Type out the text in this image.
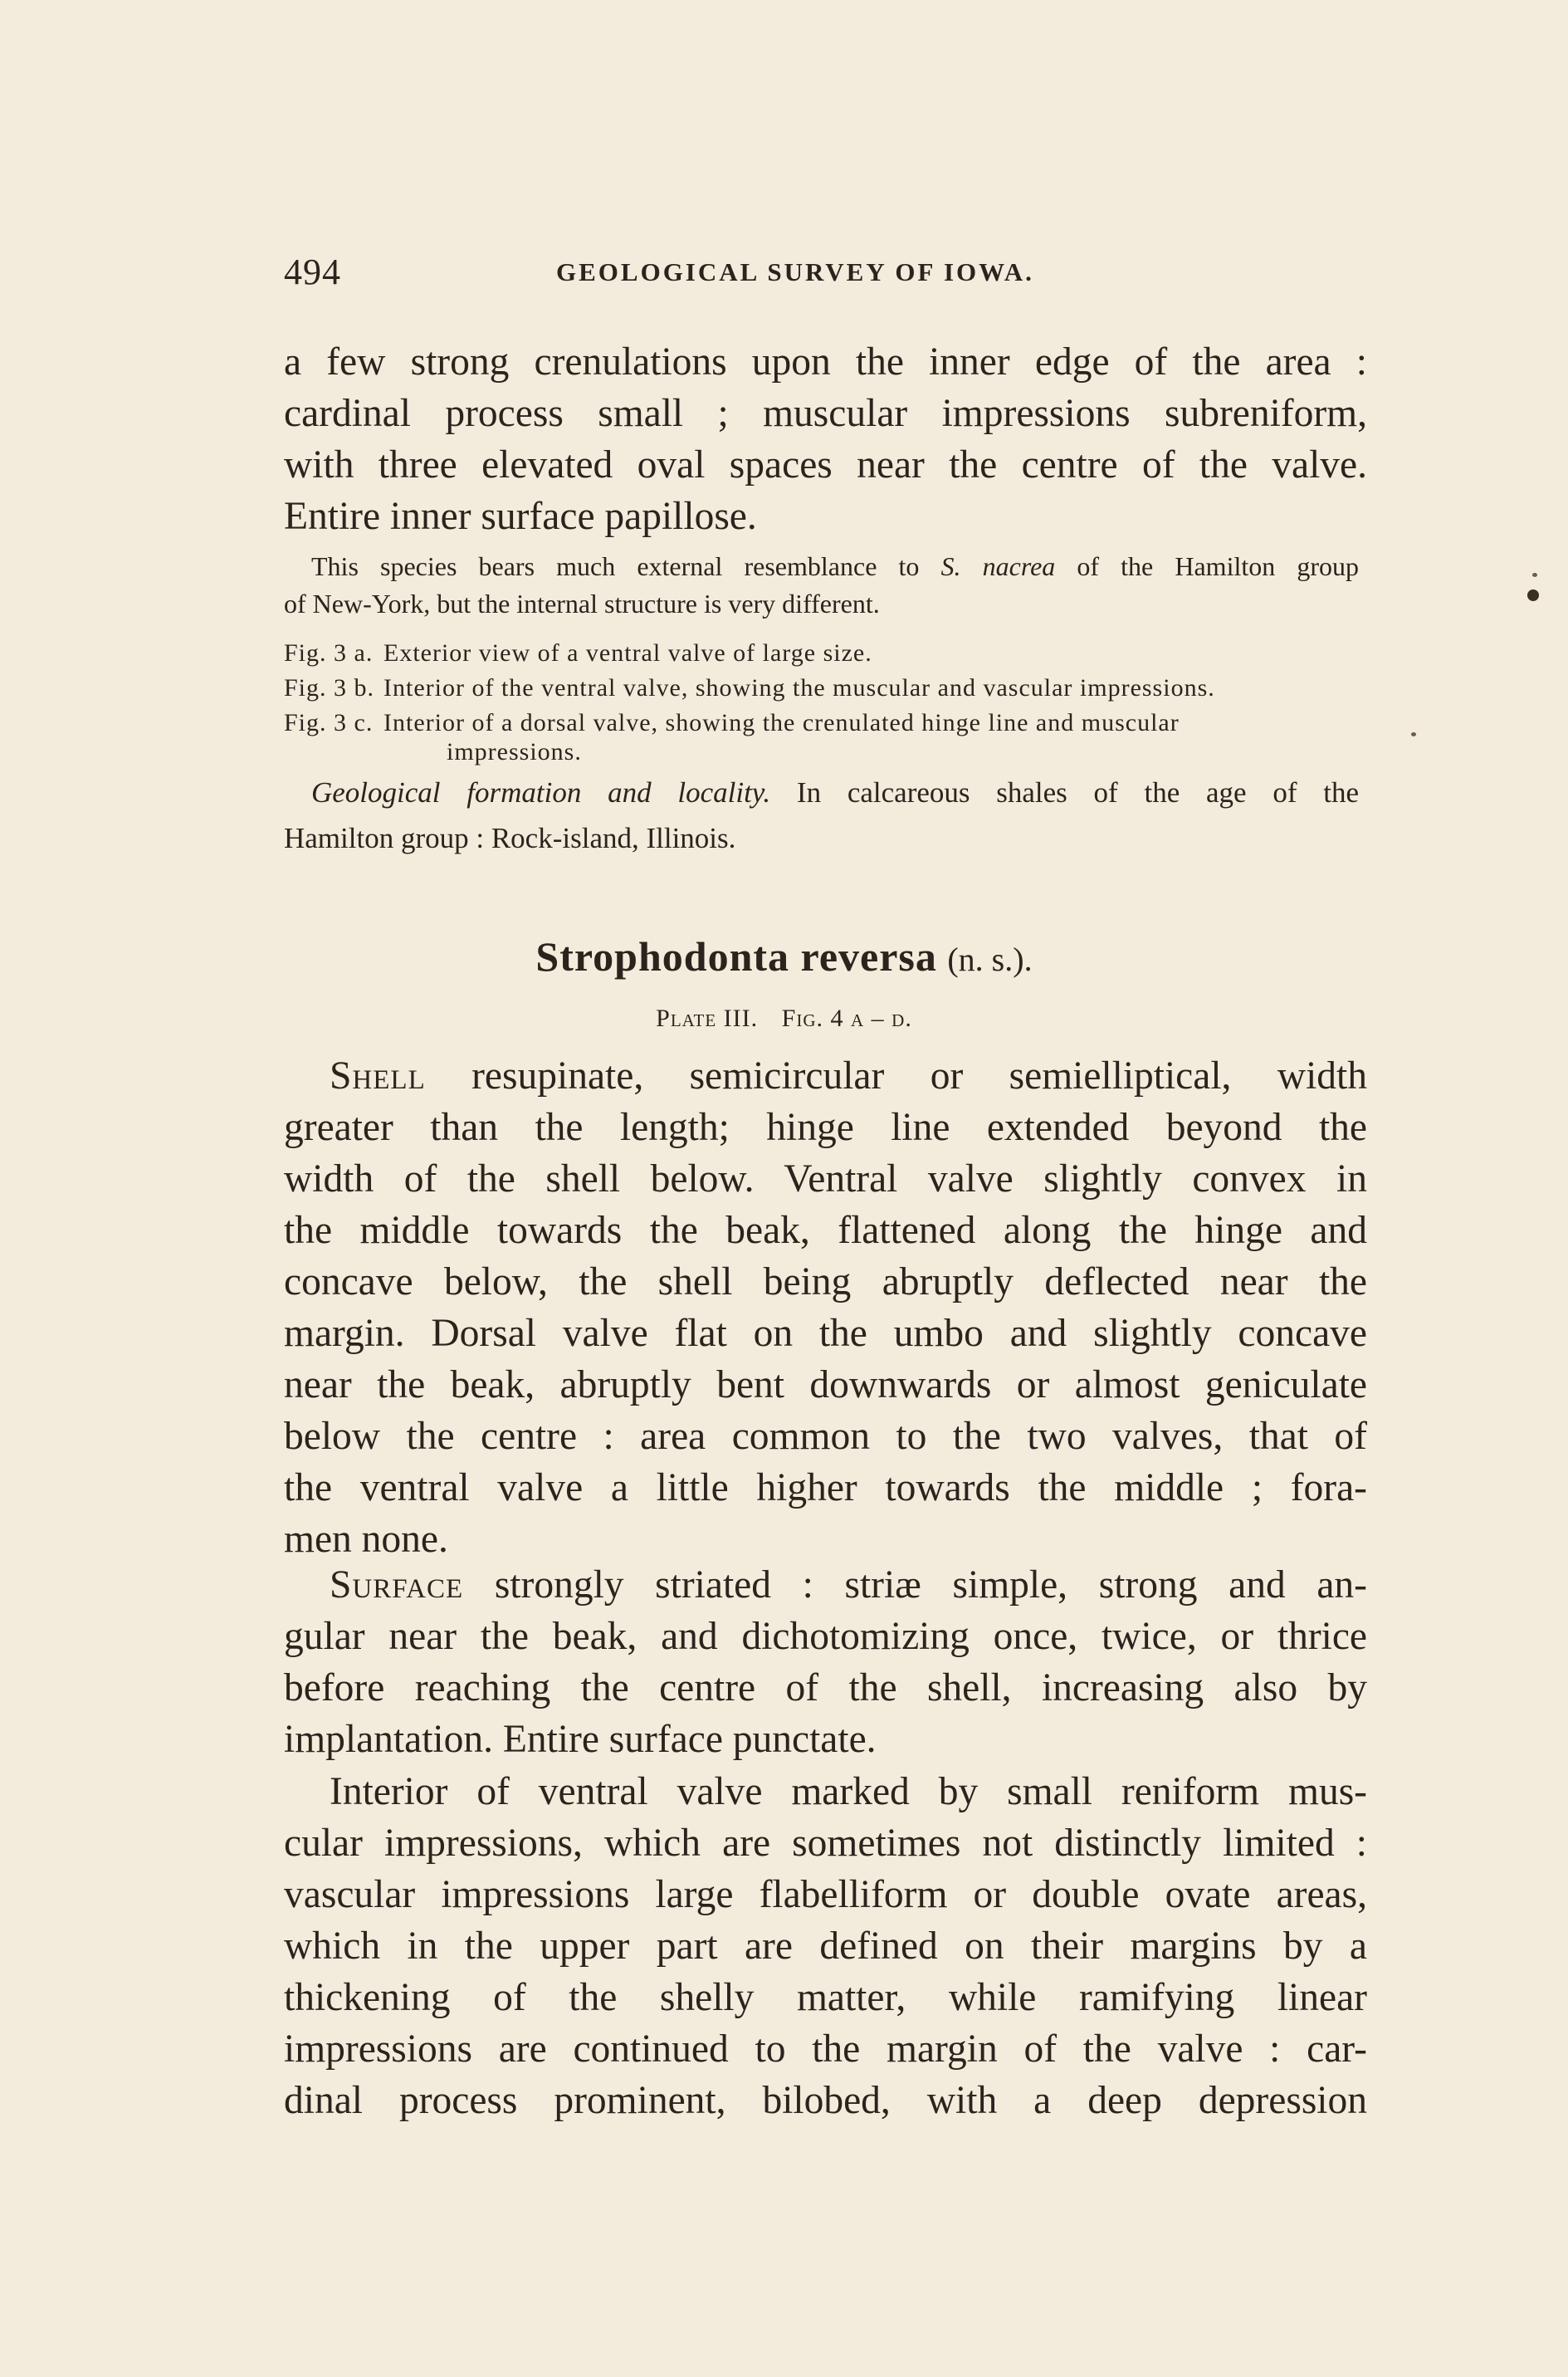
494	GEOLOGICAL SURVEY OF IOWA.
a few strong crenulations upon the inner edge of the area :
cardinal process small ; muscular impressions subreniform,
with three elevated oval spaces near the centre of the valve.
Entire inner surface papillose.
This species bears much external resemblance to S. nacrea of the Hamilton group
of New-York, but the internal structure is very different.
Fig. 3 a. Exterior view of a ventral valve of large size.
Fig. 3 b. Interior of the ventral valve, showing the muscular and vascular impressions.
Fig. 3 c. Interior of a dorsal valve, showing the crenulated hinge line and muscular
impressions.
Geological formation and locality. In calcareous shales of the age of the
Hamilton group : Rock-island, Illinois.
Strophodonta reversa (n. s.).
Plate III. Fig. 4 a – d.
Shell resupinate, semicircular or semielliptical, width
greater than the length; hinge line extended beyond the
width of the shell below. Ventral valve slightly convex in
the middle towards the beak, flattened along the hinge and
concave below, the shell being abruptly deflected near the
margin. Dorsal valve flat on the umbo and slightly concave
near the beak, abruptly bent downwards or almost geniculate
below the centre : area common to the two valves, that of
the ventral valve a little higher towards the middle ; fora-
men none.
Surface strongly striated : striæ simple, strong and an-
gular near the beak, and dichotomizing once, twice, or thrice
before reaching the centre of the shell, increasing also by
implantation. Entire surface punctate.
Interior of ventral valve marked by small reniform mus-
cular impressions, which are sometimes not distinctly limited :
vascular impressions large flabelliform or double ovate areas,
which in the upper part are defined on their margins by a
thickening of the shelly matter, while ramifying linear
impressions are continued to the margin of the valve : car-
dinal process prominent, bilobed, with a deep depression
